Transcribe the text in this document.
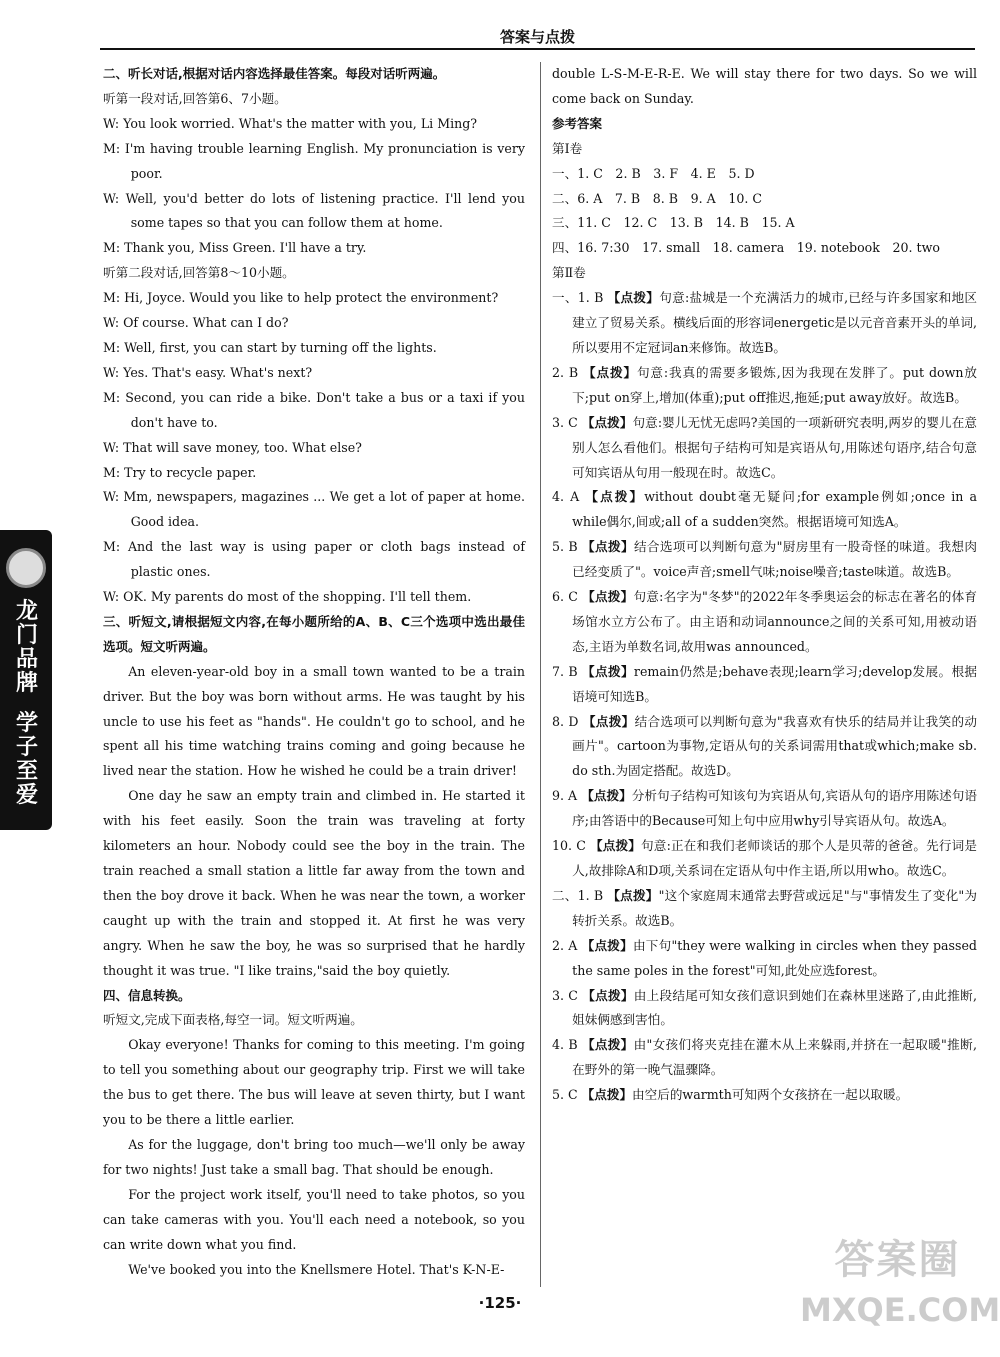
答案与点拨
龙门品牌
学子至爱

二、听长对话,根据对话内容选择最佳答案。每段对话听两遍。

听第一段对话,回答第6、7小题。

W: You look worried. What's the matter with you, Li Ming?

M: I'm having trouble learning English. My pronunciation is very poor.

W: Well, you'd better do lots of listening practice. I'll lend you some tapes so that you can follow them at home.

M: Thank you, Miss Green. I'll have a try.

听第二段对话,回答第8～10小题。

M: Hi, Joyce. Would you like to help protect the environment?

W: Of course. What can I do?

M: Well, first, you can start by turning off the lights.

W: Yes. That's easy. What's next?

M: Second, you can ride a bike. Don't take a bus or a taxi if you don't have to.

W: That will save money, too. What else?

M: Try to recycle paper.

W: Mm, newspapers, magazines ... We get a lot of paper at home. Good idea.

M: And the last way is using paper or cloth bags instead of plastic ones.

W: OK. My parents do most of the shopping. I'll tell them.

三、听短文,请根据短文内容,在每小题所给的A、B、C三个选项中选出最佳选项。短文听两遍。

An eleven-year-old boy in a small town wanted to be a train driver. But the boy was born without arms. He was taught by his uncle to use his feet as "hands". He couldn't go to school, and he spent all his time watching trains coming and going because he lived near the station. How he wished he could be a train driver!

One day he saw an empty train and climbed in. He started it with his feet easily. Soon the train was traveling at forty kilometers an hour. Nobody could see the boy in the train. The train reached a small station a little far away from the town and then the boy drove it back. When he was near the town, a worker caught up with the train and stopped it. At first he was very angry. When he saw the boy, he was so surprised that he hardly thought it was true. "I like trains,"said the boy quietly.

四、信息转换。

听短文,完成下面表格,每空一词。短文听两遍。

Okay everyone! Thanks for coming to this meeting. I'm going to tell you something about our geography trip. First we will take the bus to get there. The bus will leave at seven thirty, but I want you to be there a little earlier.

As for the luggage, don't bring too much—we'll only be away for two nights! Just take a small bag. That should be enough.

For the project work itself, you'll need to take photos, so you can take cameras with you. You'll each need a notebook, so you can write down what you find.

We've booked you into the Knellsmere Hotel. That's K-N-E-

double L-S-M-E-R-E. We will stay there for two days. So we will come back on Sunday.

参考答案

第Ⅰ卷

一、1. C　2. B　3. F　4. E　5. D

二、6. A　7. B　8. B　9. A　10. C

三、11. C　12. C　13. B　14. B　15. A

四、16. 7:30　17. small　18. camera　19. notebook　20. two

第Ⅱ卷

一、1. B 【点拨】句意:盐城是一个充满活力的城市,已经与许多国家和地区建立了贸易关系。横线后面的形容词energetic是以元音音素开头的单词,所以要用不定冠词an来修饰。故选B。

2. B 【点拨】句意:我真的需要多锻炼,因为我现在发胖了。put down放下;put on穿上,增加(体重);put off推迟,拖延;put away放好。故选B。

3. C 【点拨】句意:婴儿无忧无虑吗?美国的一项新研究表明,两岁的婴儿在意别人怎么看他们。根据句子结构可知是宾语从句,用陈述句语序,结合句意可知宾语从句用一般现在时。故选C。

4. A 【点拨】without doubt毫无疑问;for example例如;once in a while偶尔,间或;all of a sudden突然。根据语境可知选A。

5. B 【点拨】结合选项可以判断句意为"厨房里有一股奇怪的味道。我想肉已经变质了"。voice声音;smell气味;noise噪音;taste味道。故选B。

6. C 【点拨】句意:名字为"冬梦"的2022年冬季奥运会的标志在著名的体育场馆水立方公布了。由主语和动词announce之间的关系可知,用被动语态,主语为单数名词,故用was announced。

7. B 【点拨】remain仍然是;behave表现;learn学习;develop发展。根据语境可知选B。

8. D 【点拨】结合选项可以判断句意为"我喜欢有快乐的结局并让我笑的动画片"。cartoon为事物,定语从句的关系词需用that或which;make sb. do sth.为固定搭配。故选D。

9. A 【点拨】分析句子结构可知该句为宾语从句,宾语从句的语序用陈述句语序;由答语中的Because可知上句中应用why引导宾语从句。故选A。

10. C 【点拨】句意:正在和我们老师谈话的那个人是贝蒂的爸爸。先行词是人,故排除A和D项,关系词在定语从句中作主语,所以用who。故选C。

二、1. B 【点拨】"这个家庭周末通常去野营或远足"与"事情发生了变化"为转折关系。故选B。

2. A 【点拨】由下句"they were walking in circles when they passed the same poles in the forest"可知,此处应选forest。

3. C 【点拨】由上段结尾可知女孩们意识到她们在森林里迷路了,由此推断,姐妹俩感到害怕。

4. B 【点拨】由"女孩们将夹克挂在灌木从上来躲雨,并挤在一起取暖"推断,在野外的第一晚气温骤降。

5. C 【点拨】由空后的warmth可知两个女孩挤在一起以取暖。

·125·
答案圈
MXQE.COM
